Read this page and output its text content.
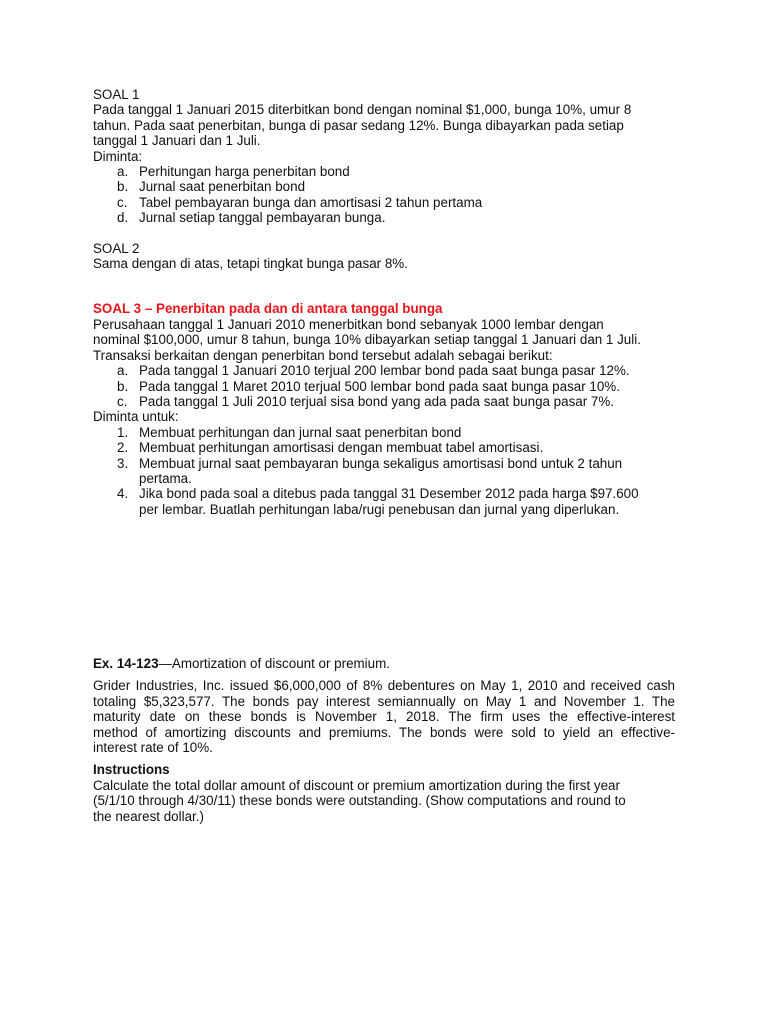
SOAL 1

Pada tanggal 1 Januari 2015 diterbitkan bond dengan nominal $1,000, bunga 10%, umur 8

tahun. Pada saat penerbitan, bunga di pasar sedang 12%. Bunga dibayarkan pada setiap

tanggal 1 Januari dan 1 Juli.

Diminta:

a. Perhitungan harga penerbitan bond
b. Jurnal saat penerbitan bond
c. Tabel pembayaran bunga dan amortisasi 2 tahun pertama
d. Jurnal setiap tanggal pembayaran bunga.

SOAL 2

Sama dengan di atas, tetapi tingkat bunga pasar 8%.

SOAL 3 – Penerbitan pada dan di antara tanggal bunga

Perusahaan tanggal 1 Januari 2010 menerbitkan bond sebanyak 1000 lembar dengan

nominal $100,000, umur 8 tahun, bunga 10% dibayarkan setiap tanggal 1 Januari dan 1 Juli.

Transaksi berkaitan dengan penerbitan bond tersebut adalah sebagai berikut:

a. Pada tanggal 1 Januari 2010 terjual 200 lembar bond pada saat bunga pasar 12%.
b. Pada tanggal 1 Maret 2010 terjual 500 lembar bond pada saat bunga pasar 10%.
c. Pada tanggal 1 Juli 2010 terjual sisa bond yang ada pada saat bunga pasar 7%.

Diminta untuk:

1. Membuat perhitungan dan jurnal saat penerbitan bond
2. Membuat perhitungan amortisasi dengan membuat tabel amortisasi.
3. Membuat jurnal saat pembayaran bunga sekaligus amortisasi bond untuk 2 tahun
pertama.
4. Jika bond pada soal a ditebus pada tanggal 31 Desember 2012 pada harga $97.600
per lembar. Buatlah perhitungan laba/rugi penebusan dan jurnal yang diperlukan.

Ex. 14-123—Amortization of discount or premium.

Grider Industries, Inc. issued $6,000,000 of 8% debentures on May 1, 2010 and received cash

totaling $5,323,577. The bonds pay interest semiannually on May 1 and November 1. The

maturity date on these bonds is November 1, 2018. The firm uses the effective-interest

method of amortizing discounts and premiums. The bonds were sold to yield an effective-

interest rate of 10%.

Instructions

Calculate the total dollar amount of discount or premium amortization during the first year

(5/1/10 through 4/30/11) these bonds were outstanding. (Show computations and round to

the nearest dollar.)
